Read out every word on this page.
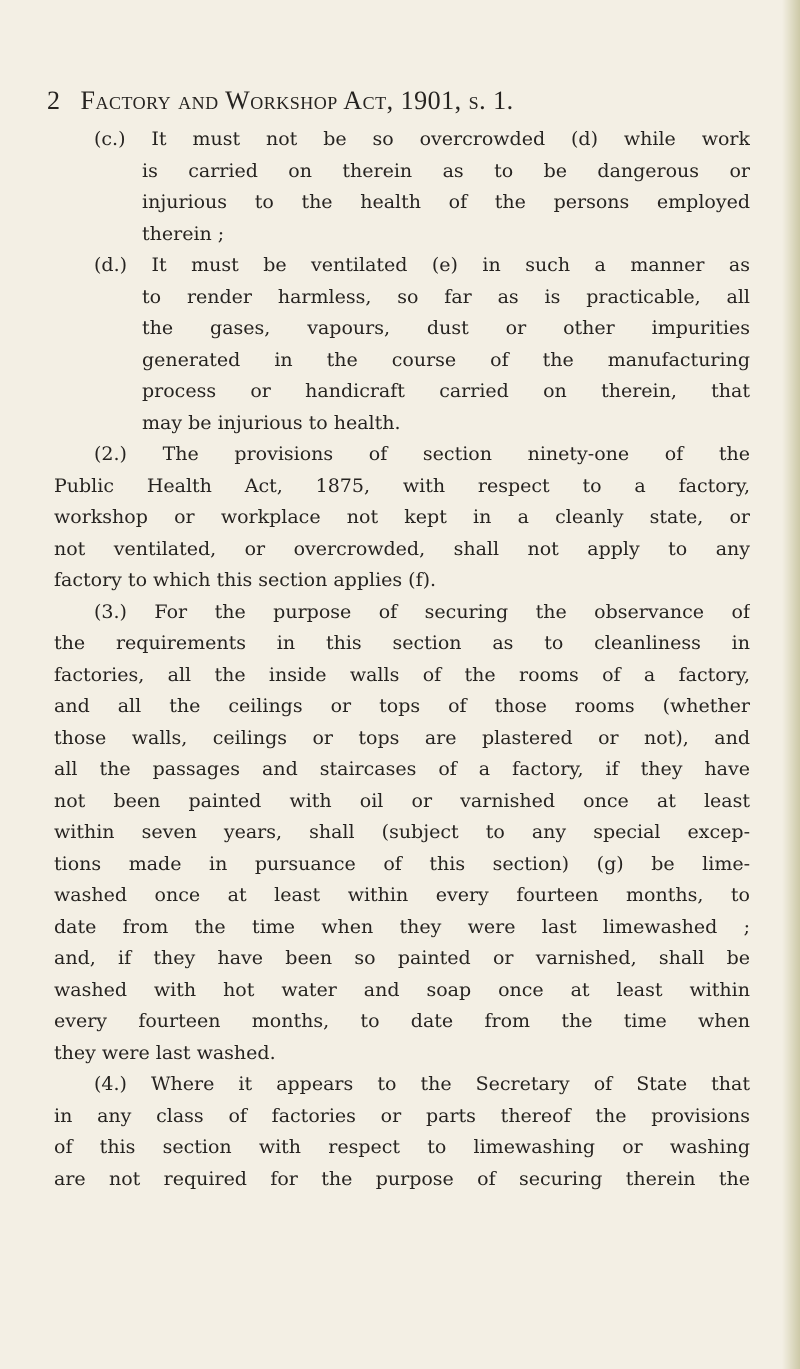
2 Factory and Workshop Act, 1901, s. 1.
(c.) It must not be so overcrowded (d) while work
is carried on therein as to be dangerous or
injurious to the health of the persons employed
therein ;
(d.) It must be ventilated (e) in such a manner as
to render harmless, so far as is practicable, all
the gases, vapours, dust or other impurities
generated in the course of the manufacturing
process or handicraft carried on therein, that
may be injurious to health.
(2.) The provisions of section ninety-one of the
Public Health Act, 1875, with respect to a factory,
workshop or workplace not kept in a cleanly state, or
not ventilated, or overcrowded, shall not apply to any
factory to which this section applies (f).
(3.) For the purpose of securing the observance of
the requirements in this section as to cleanliness in
factories, all the inside walls of the rooms of a factory,
and all the ceilings or tops of those rooms (whether
those walls, ceilings or tops are plastered or not), and
all the passages and staircases of a factory, if they have
not been painted with oil or varnished once at least
within seven years, shall (subject to any special excep-
tions made in pursuance of this section) (g) be lime-
washed once at least within every fourteen months, to
date from the time when they were last limewashed ;
and, if they have been so painted or varnished, shall be
washed with hot water and soap once at least within
every fourteen months, to date from the time when
they were last washed.
(4.) Where it appears to the Secretary of State that
in any class of factories or parts thereof the provisions
of this section with respect to limewashing or washing
are not required for the purpose of securing therein the
